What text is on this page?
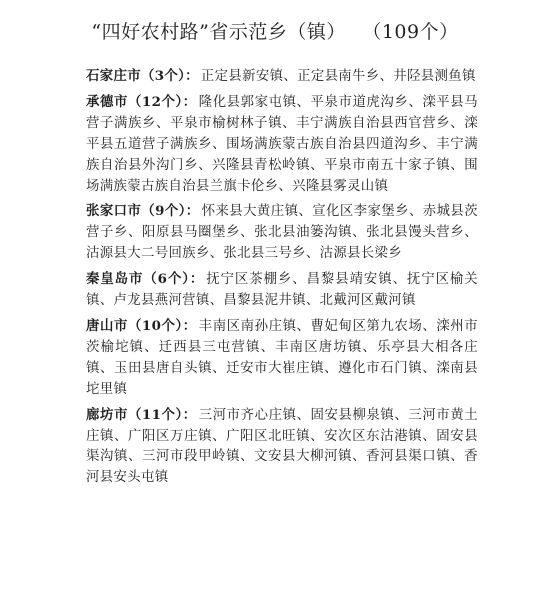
“四好农村路”省示范乡（镇） （109个）

石家庄市（3个）： 正定县新安镇、正定县南牛乡、井陉县测鱼镇

承德市（12个）： 隆化县郭家屯镇、平泉市道虎沟乡、滦平县马营子满族乡、平泉市榆树林子镇、丰宁满族自治县西官营乡、滦平县五道营子满族乡、围场满族蒙古族自治县四道沟乡、丰宁满族自治县外沟门乡、兴隆县青松岭镇、平泉市南五十家子镇、围场满族蒙古族自治县兰旗卡伦乡、兴隆县雾灵山镇

张家口市（9个）： 怀来县大黄庄镇、宣化区李家堡乡、赤城县茨营子乡、阳原县马圈堡乡、张北县油篓沟镇、张北县馒头营乡、沽源县大二号回族乡、张北县三号乡、沽源县长梁乡

秦皇岛市（6个）： 抚宁区茶棚乡、昌黎县靖安镇、抚宁区榆关镇、卢龙县燕河营镇、昌黎县泥井镇、北戴河区戴河镇

唐山市（10个）： 丰南区南孙庄镇、曹妃甸区第九农场、滦州市茨榆坨镇、迁西县三屯营镇、丰南区唐坊镇、乐亭县大相各庄镇、玉田县唐自头镇、迁安市大崔庄镇、遵化市石门镇、滦南县坨里镇

廊坊市（11个）： 三河市齐心庄镇、固安县柳泉镇、三河市黄土庄镇、广阳区万庄镇、广阳区北旺镇、安次区东沽港镇、固安县渠沟镇、三河市段甲岭镇、文安县大柳河镇、香河县渠口镇、香河县安头屯镇
